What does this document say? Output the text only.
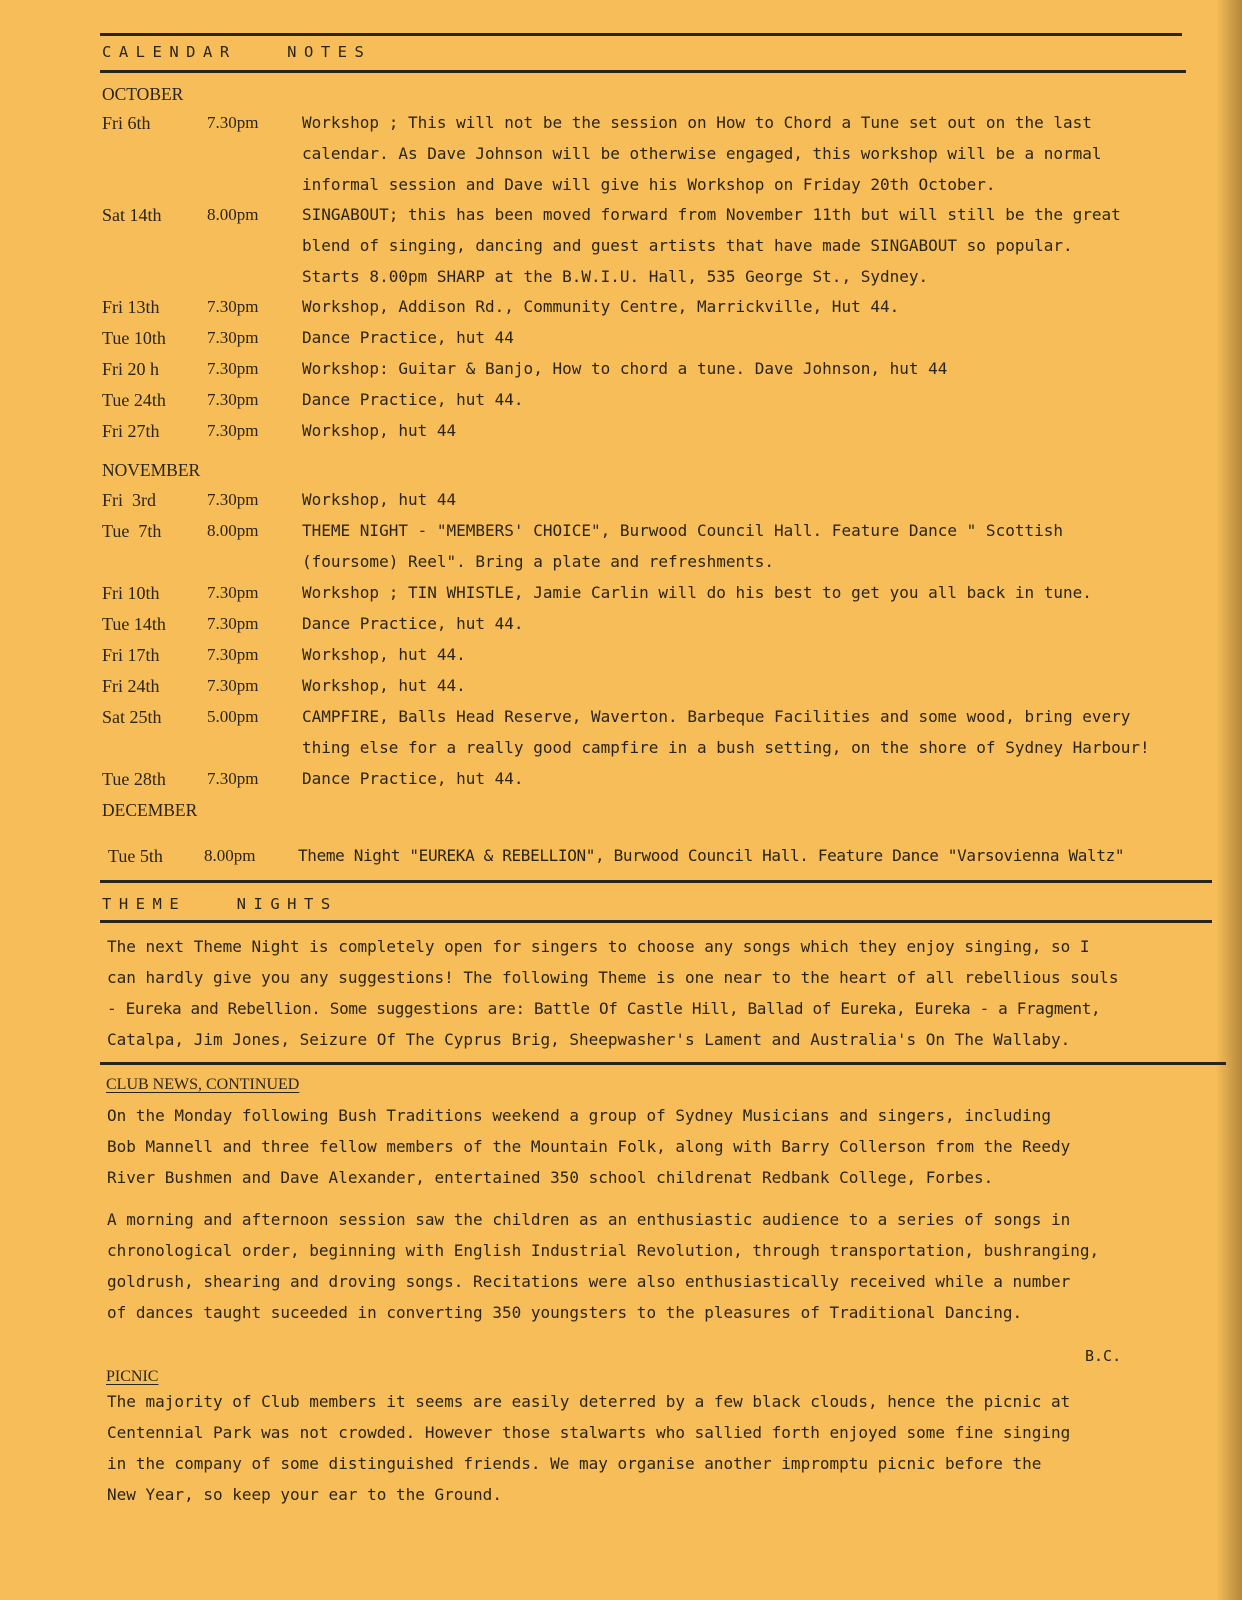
CALENDAR   NOTES
OCTOBER
Fri 6th	7.30pm	Workshop ; This will not be the session on How to Chord a Tune set out on the last
calendar. As Dave Johnson will be otherwise engaged, this workshop will be a normal
informal session and Dave will give his Workshop on Friday 20th October.
Sat 14th	8.00pm	SINGABOUT; this has been moved forward from November 11th but will still be the great
blend of singing, dancing and guest artists that have made SINGABOUT so popular.
Starts 8.00pm SHARP at the B.W.I.U. Hall, 535 George St., Sydney.
Fri 13th	7.30pm	Workshop, Addison Rd., Community Centre, Marrickville, Hut 44.
Tue 10th 7.30pm	Dance Practice, hut 44
Fri 20 h	7.30pm	Workshop: Guitar & Banjo, How to chord a tune. Dave Johnson, hut 44
Tue 24th 7.30pm	Dance Practice, hut 44.
Fri 27th	7.30pm	Workshop, hut 44
NOVEMBER
Fri  3rd	7.30pm	Workshop, hut 44
Tue  7th	8.00pm	THEME NIGHT - "MEMBERS' CHOICE", Burwood Council Hall. Feature Dance " Scottish
(foursome) Reel". Bring a plate and refreshments.
Fri 10th	7.30pm	Workshop ; TIN WHISTLE, Jamie Carlin will do his best to get you all back in tune.
Tue 14th 7.30pm	Dance Practice, hut 44.
Fri 17th	7.30pm	Workshop, hut 44.
Fri 24th	7.30pm	Workshop, hut 44.
Sat 25th	5.00pm	CAMPFIRE, Balls Head Reserve, Waverton. Barbeque Facilities and some wood, bring every
thing else for a really good campfire in a bush setting, on the shore of Sydney Harbour!
Tue 28th 7.30pm	Dance Practice, hut 44.
DECEMBER
Tue 5th 8.00pm	Theme Night "EUREKA & REBELLION", Burwood Council Hall. Feature Dance "Varsovienna Waltz"
THEME   NIGHTS
The next Theme Night is completely open for singers to choose any songs which they enjoy singing, so I
can hardly give you any suggestions! The following Theme is one near to the heart of all rebellious souls
- Eureka and Rebellion. Some suggestions are: Battle Of Castle Hill, Ballad of Eureka, Eureka - a Fragment,
Catalpa, Jim Jones, Seizure Of The Cyprus Brig, Sheepwasher's Lament and Australia's On The Wallaby.
CLUB NEWS, CONTINUED
On the Monday following Bush Traditions weekend a group of Sydney Musicians and singers, including
Bob Mannell and three fellow members of the Mountain Folk, along with Barry Collerson from the Reedy
River Bushmen and Dave Alexander, entertained 350 school childrenat Redbank College, Forbes.
A morning and afternoon session saw the children as an enthusiastic audience to a series of songs in
chronological order, beginning with English Industrial Revolution, through transportation, bushranging,
goldrush, shearing and droving songs. Recitations were also enthusiastically received while a number
of dances taught suceeded in converting 350 youngsters to the pleasures of Traditional Dancing.
B.C.
PICNIC
The majority of Club members it seems are easily deterred by a few black clouds, hence the picnic at
Centennial Park was not crowded. However those stalwarts who sallied forth enjoyed some fine singing
in the company of some distinguished friends. We may organise another impromptu picnic before the
New Year, so keep your ear to the Ground.
